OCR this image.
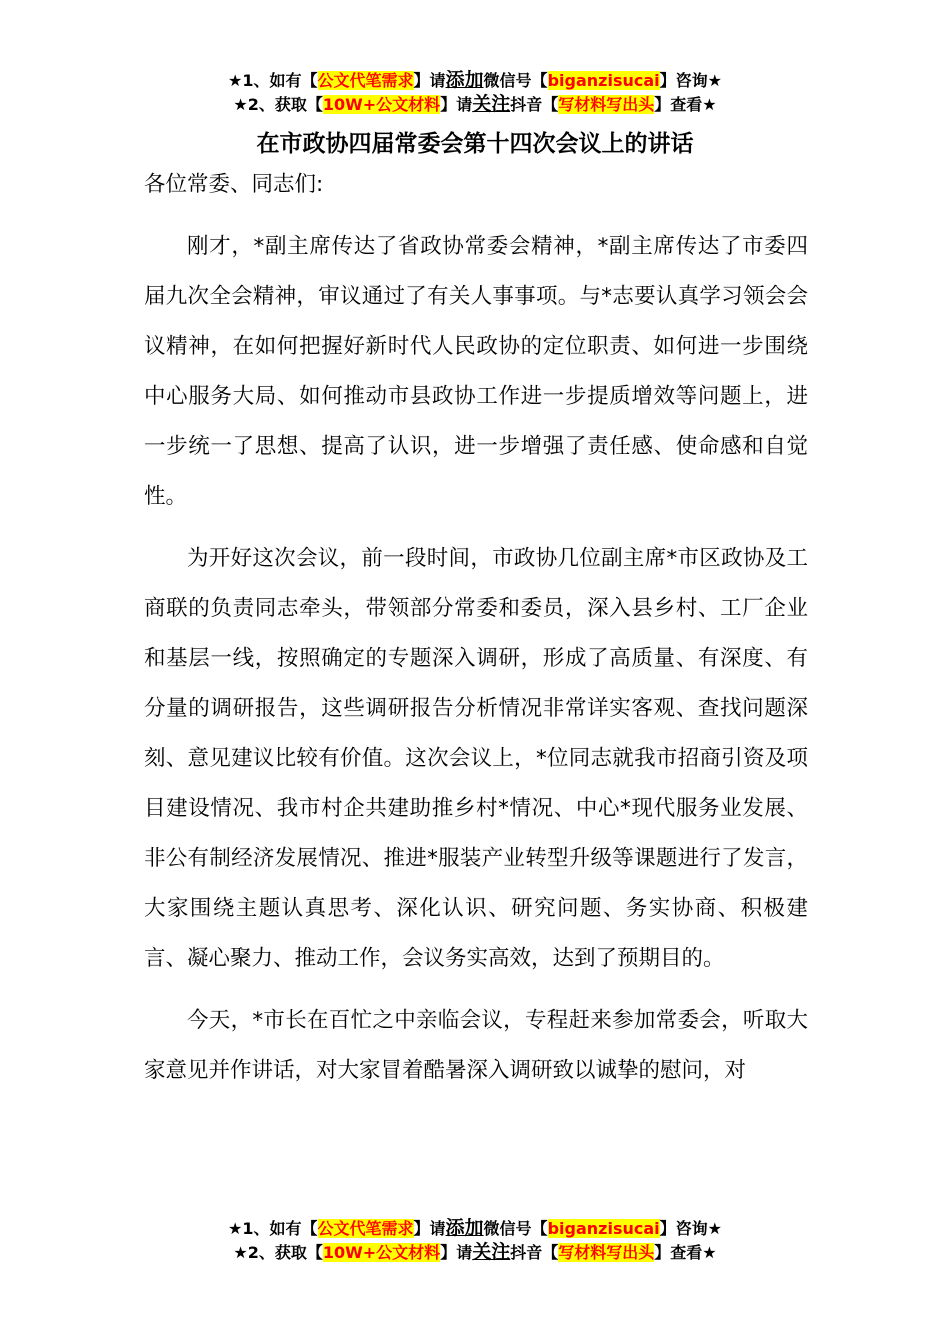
★1、如有【公文代笔需求】请添加微信号【biganzisucai】咨询★
★2、获取【10W+公文材料】请关注抖音【写材料写出头】查看★
在市政协四届常委会第十四次会议上的讲话

各位常委、同志们:

刚才，*副主席传达了省政协常委会精神，*副主席传达了市委四届九次全会精神，审议通过了有关人事事项。与*志要认真学习领会会议精神，在如何把握好新时代人民政协的定位职责、如何进一步围绕中心服务大局、如何推动市县政协工作进一步提质增效等问题上，进一步统一了思想、提高了认识，进一步增强了责任感、使命感和自觉性。

为开好这次会议，前一段时间，市政协几位副主席*市区政协及工商联的负责同志牵头，带领部分常委和委员，深入县乡村、工厂企业和基层一线，按照确定的专题深入调研，形成了高质量、有深度、有分量的调研报告，这些调研报告分析情况非常详实客观、查找问题深刻、意见建议比较有价值。这次会议上，*位同志就我市招商引资及项目建设情况、我市村企共建助推乡村*情况、中心*现代服务业发展、非公有制经济发展情况、推进*服装产业转型升级等课题进行了发言，大家围绕主题认真思考、深化认识、研究问题、务实协商、积极建言、凝心聚力、推动工作，会议务实高效，达到了预期目的。

今天，*市长在百忙之中亲临会议，专程赶来参加常委会，听取大家意见并作讲话，对大家冒着酷暑深入调研致以诚挚的慰问，对

★1、如有【公文代笔需求】请添加微信号【biganzisucai】咨询★
★2、获取【10W+公文材料】请关注抖音【写材料写出头】查看★
